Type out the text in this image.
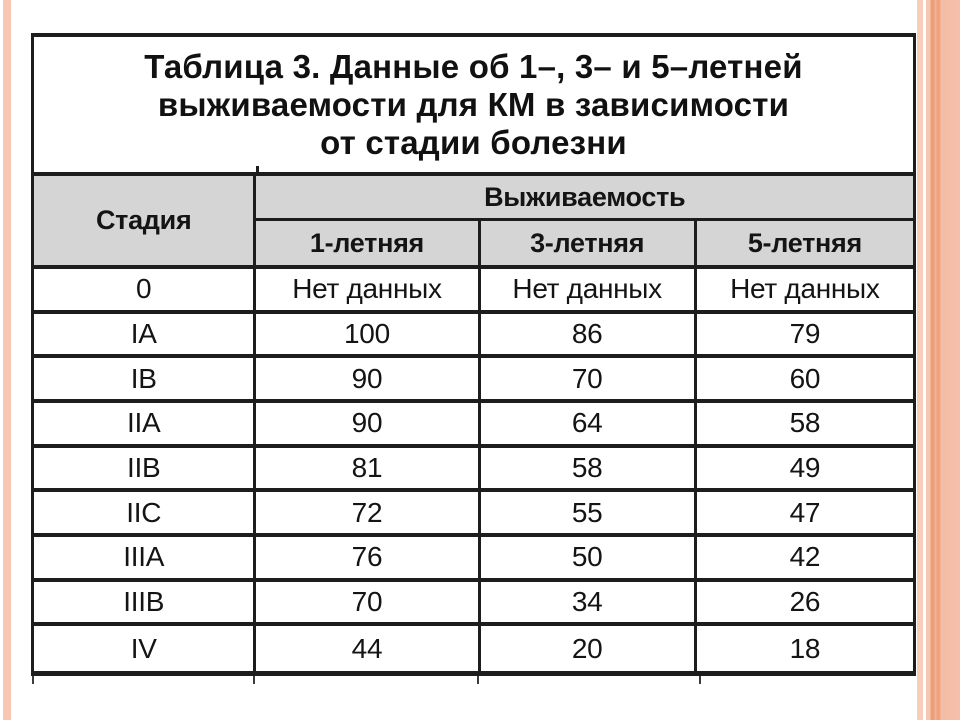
Таблица 3. Данные об 1–, 3– и 5–летней
выживаемости для КМ в зависимости
от стадии болезни
Стадия
Выживаемость
1-летняя	3-летняя	5-летняя
0	Нет данных	Нет данных	Нет данных
IA	100	86	79
IB	90	70	60
IIA	90	64	58
IIB	81	58	49
IIC	72	55	47
IIIA	76	50	42
IIIB	70	34	26
IV	44	20	18
